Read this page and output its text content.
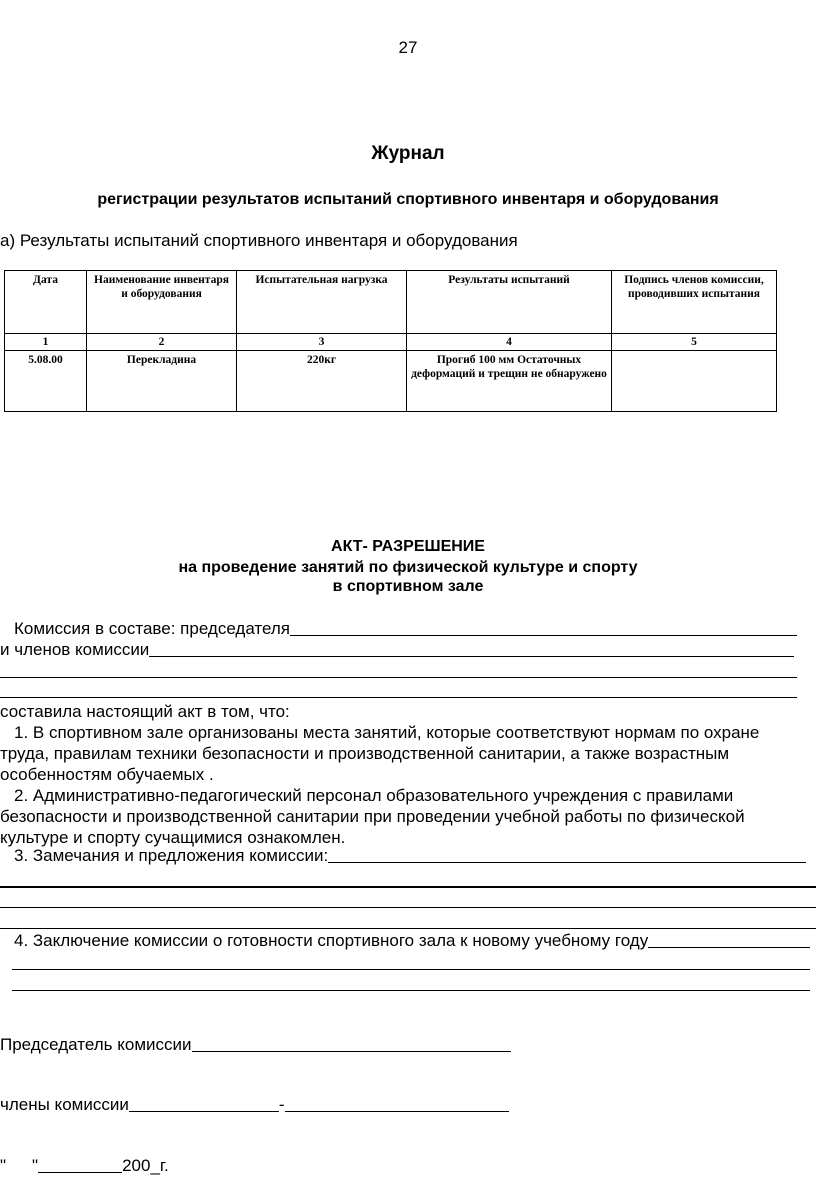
27
Журнал
регистрации результатов испытаний спортивного инвентаря и оборудования
а) Результаты испытаний спортивного инвентаря и оборудования
Дата	Наименование инвентаря и оборудования	Испытательная нагрузка	Результаты испытаний	Подпись членов комиссии, проводивших испытания
1	2	3	4	5
5.08.00	Перекладина	220кг	Прогиб 100 мм Остаточных деформаций и трещин не обнаружено	
АКТ- РАЗРЕШЕНИЕ
на проведение занятий по физической культуре и спорту
в спортивном зале
Комиссия в составе: председателя
и членов комиссии
составила настоящий акт в том, что:
1. В спортивном зале организованы места занятий, которые соответствуют нормам по охране труда, правилам техники безопасности и производственной санитарии, а также возрастным особенностям обучаемых .
2. Административно-педагогический персонал образовательного учреждения с правилами безопасности и производственной санитарии при проведении учебной работы по физической культуре и спорту сучащимися ознакомлен.
3. Замечания и предложения комиссии:
4. Заключение комиссии о готовности спортивного зала к новому учебному году
Председатель комиссии
члены комиссии	-
" "	200_г.
